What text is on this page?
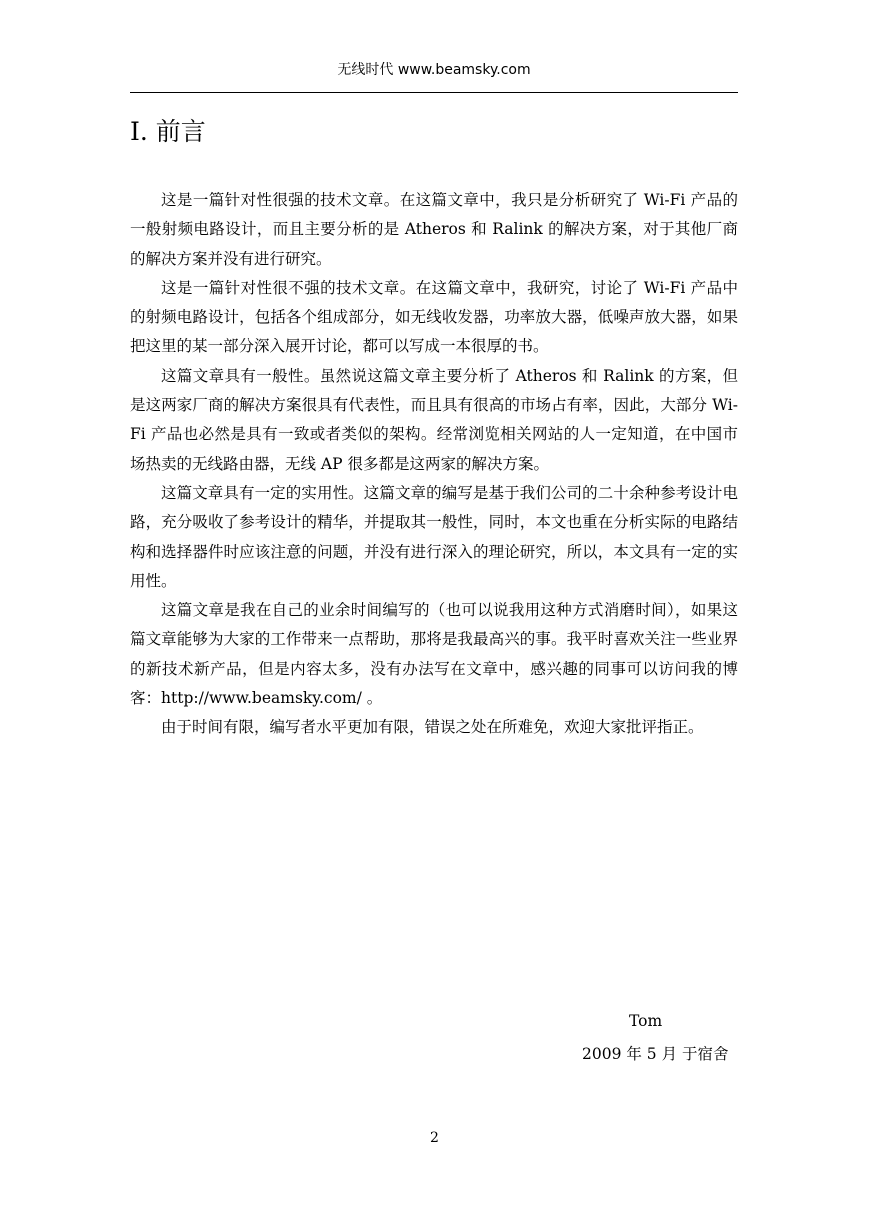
无线时代 www.beamsky.com
I. 前言

这是一篇针对性很强的技术文章。在这篇文章中，我只是分析研究了 Wi-Fi 产品的一般射频电路设计，而且主要分析的是 Atheros 和 Ralink 的解决方案，对于其他厂商的解决方案并没有进行研究。

这是一篇针对性很不强的技术文章。在这篇文章中，我研究，讨论了 Wi-Fi 产品中的射频电路设计，包括各个组成部分，如无线收发器，功率放大器，低噪声放大器，如果把这里的某一部分深入展开讨论，都可以写成一本很厚的书。

这篇文章具有一般性。虽然说这篇文章主要分析了 Atheros 和 Ralink 的方案，但是这两家厂商的解决方案很具有代表性，而且具有很高的市场占有率，因此，大部分 Wi-Fi 产品也必然是具有一致或者类似的架构。经常浏览相关网站的人一定知道，在中国市场热卖的无线路由器，无线 AP 很多都是这两家的解决方案。

这篇文章具有一定的实用性。这篇文章的编写是基于我们公司的二十余种参考设计电路，充分吸收了参考设计的精华，并提取其一般性，同时，本文也重在分析实际的电路结构和选择器件时应该注意的问题，并没有进行深入的理论研究，所以，本文具有一定的实用性。

这篇文章是我在自己的业余时间编写的（也可以说我用这种方式消磨时间），如果这篇文章能够为大家的工作带来一点帮助，那将是我最高兴的事。我平时喜欢关注一些业界的新技术新产品，但是内容太多，没有办法写在文章中，感兴趣的同事可以访问我的博客：http://www.beamsky.com/ 。

由于时间有限，编写者水平更加有限，错误之处在所难免，欢迎大家批评指正。

Tom
2009 年 5 月 于宿舍
2
